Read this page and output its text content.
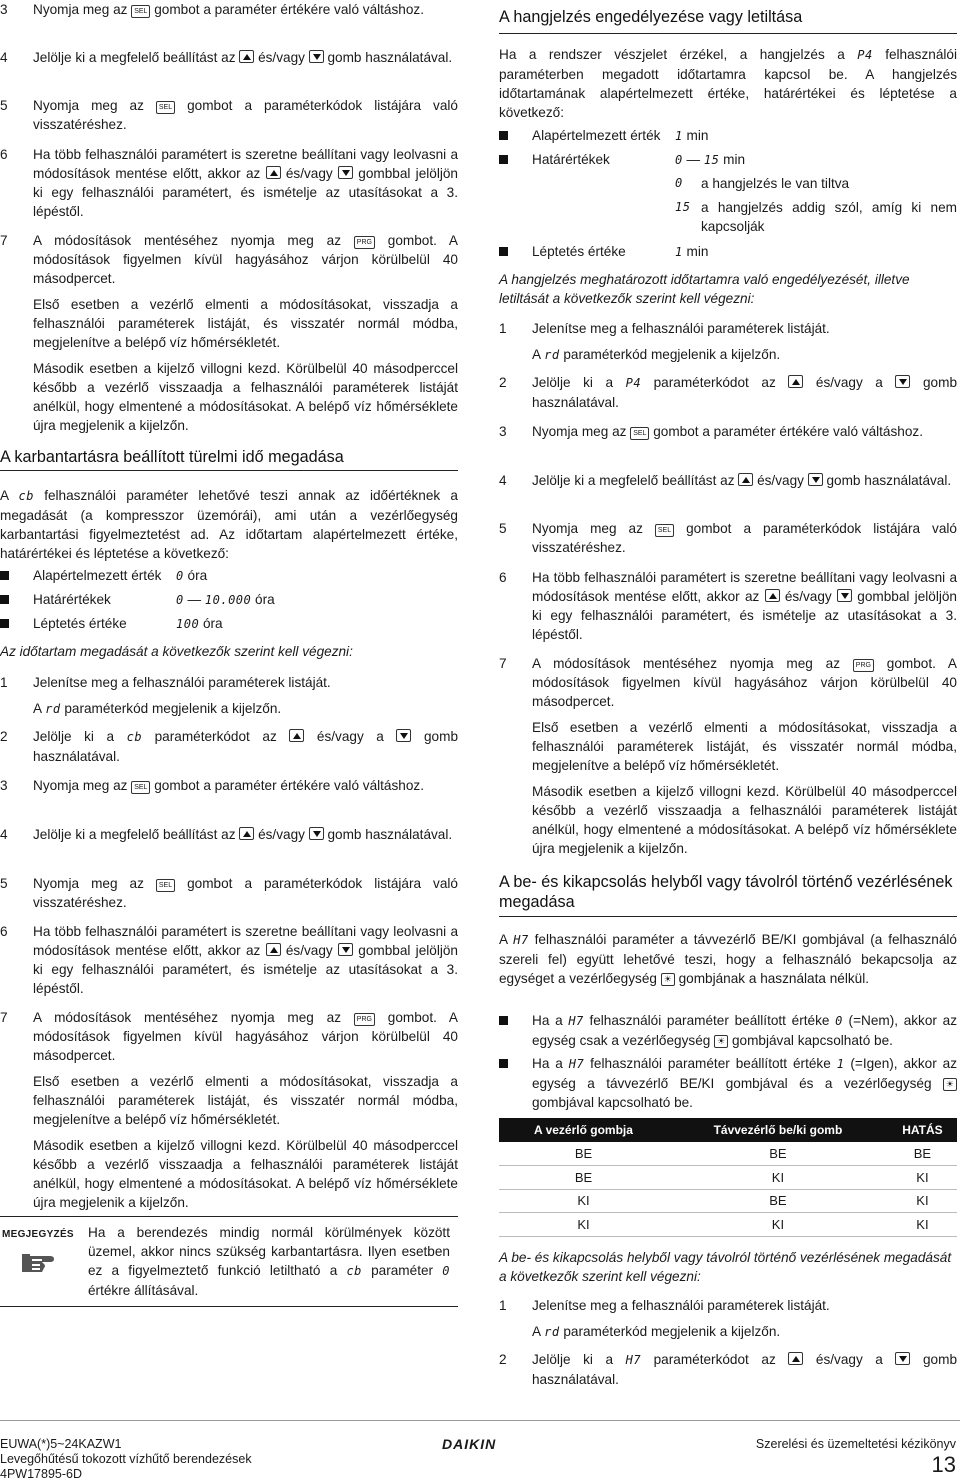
3 Nyomja meg az SEL gombot a paraméter értékére való váltáshoz.

4 Jelölje ki a megfelelő beállítást az  és/vagy  gomb használatával.

5 Nyomja meg az SEL gombot a paraméterkódok listájára való visszatéréshez.

6 Ha több felhasználói paramétert is szeretne beállítani vagy leolvasni a módosítások mentése előtt, akkor az  és/vagy  gombbal jelöljön ki egy felhasználói paramétert, és ismételje az utasításokat a 3. lépéstől.

7 A módosítások mentéséhez nyomja meg az PRG gombot. A módosítások figyelmen kívül hagyásához várjon körülbelül 40 másodpercet.

Első esetben a vezérlő elmenti a módosításokat, visszadja a felhasználói paraméterek listáját, és visszatér normál módba, megjelenítve a belépő víz hőmérsékletét.

Második esetben a kijelző villogni kezd. Körülbelül 40 másodperccel később a vezérlő visszaadja a felhasználói paraméterek listáját anélkül, hogy elmentené a módosításokat. A belépő víz hőmérséklete újra megjelenik a kijelzőn.

A karbantartásra beállított türelmi idő megadása
A cb felhasználói paraméter lehetővé teszi annak az időértéknek a megadását (a kompresszor üzemórái), ami után a vezérlőegység karbantartási figyelmeztetést ad. Az időtartam alapértelmezett értéke, határértékei és léptetése a következő:
Alapértelmezett érték 0 óra
Határértékek	0 — 10.000 óra
Léptetés értéke	100 óra
Az időtartam megadását a következők szerint kell végezni:
1 Jelenítse meg a felhasználói paraméterek listáját.

A rd paraméterkód megjelenik a kijelzőn.

2 Jelölje ki a cb paraméterkódot az  és/vagy a  gomb használatával.

3 Nyomja meg az SEL gombot a paraméter értékére való váltáshoz.

4 Jelölje ki a megfelelő beállítást az  és/vagy  gomb használatával.

5 Nyomja meg az SEL gombot a paraméterkódok listájára való visszatéréshez.

6 Ha több felhasználói paramétert is szeretne beállítani vagy leolvasni a módosítások mentése előtt, akkor az  és/vagy  gombbal jelöljön ki egy felhasználói paramétert, és ismételje az utasításokat a 3. lépéstől.

7 A módosítások mentéséhez nyomja meg az PRG gombot. A módosítások figyelmen kívül hagyásához várjon körülbelül 40 másodpercet.

Első esetben a vezérlő elmenti a módosításokat, visszadja a felhasználói paraméterek listáját, és visszatér normál módba, megjelenítve a belépő víz hőmérsékletét.

Második esetben a kijelző villogni kezd. Körülbelül 40 másodperccel később a vezérlő visszaadja a felhasználói paraméterek listáját anélkül, hogy elmentené a módosításokat. A belépő víz hőmérséklete újra megjelenik a kijelzőn.

MEGJEGYZÉS Ha a berendezés mindig normál körülmények között üzemel, akkor nincs szükség karbantartásra. Ilyen esetben ez a figyelmeztető funkció letiltható a cb paraméter 0 értékre állításával.
A hangjelzés engedélyezése vagy letiltása
Ha a rendszer vészjelet érzékel, a hangjelzés a P4 felhasználói paraméterben megadott időtartamra kapcsol be. A hangjelzés időtartamának alapértelmezett értéke, határértékei és léptetése a következő:
Alapértelmezett érték 1 min
Határértékek	0 — 15 min
Léptetés értéke	1 min
0 a hangjelzés le van tiltva
15 a hangjelzés addig szól, amíg ki nem kapcsolják
A hangjelzés meghatározott időtartamra való engedélyezését, illetve letiltását a következők szerint kell végezni:
1 Jelenítse meg a felhasználói paraméterek listáját.

A rd paraméterkód megjelenik a kijelzőn.

2 Jelölje ki a P4 paraméterkódot az  és/vagy a  gomb használatával.

3 Nyomja meg az SEL gombot a paraméter értékére való váltáshoz.

4 Jelölje ki a megfelelő beállítást az  és/vagy  gomb használatával.

5 Nyomja meg az SEL gombot a paraméterkódok listájára való visszatéréshez.

6 Ha több felhasználói paramétert is szeretne beállítani vagy leolvasni a módosítások mentése előtt, akkor az  és/vagy  gombbal jelöljön ki egy felhasználói paramétert, és ismételje az utasításokat a 3. lépéstől.

7 A módosítások mentéséhez nyomja meg az PRG gombot. A módosítások figyelmen kívül hagyásához várjon körülbelül 40 másodpercet.

Első esetben a vezérlő elmenti a módosításokat, visszadja a felhasználói paraméterek listáját, és visszatér normál módba, megjelenítve a belépő víz hőmérsékletét.

Második esetben a kijelző villogni kezd. Körülbelül 40 másodperccel később a vezérlő visszaadja a felhasználói paraméterek listáját anélkül, hogy elmentené a módosításokat. A belépő víz hőmérséklete újra megjelenik a kijelzőn.

A be- és kikapcsolás helyből vagy távolról történő vezérlésének megadása
A H7 felhasználói paraméter a távvezérlő BE/KI gombjával (a felhasználó szereli fel) együtt lehetővé teszi, hogy a felhasználó bekapcsolja az egységet a vezérlőegység ☀ gombjának a használata nélkül.
Ha a H7 felhasználói paraméter beállított értéke 0 (=Nem), akkor az egység csak a vezérlőegység ☀ gombjával kapcsolható be.
Ha a H7 felhasználói paraméter beállított értéke 1 (=Igen), akkor az egység a távvezérlő BE/KI gombjával és a vezérlőegység ☀ gombjával kapcsolható be.
A be- és kikapcsolás helyből vagy távolról történő vezérlésének megadását a következők szerint kell végezni:
1 Jelenítse meg a felhasználói paraméterek listáját.

A rd paraméterkód megjelenik a kijelzőn.

2 Jelölje ki a H7 paraméterkódot az  és/vagy a  gomb használatával.

A vezérlő gombja	Távvezérlő be/ki gomb	HATÁS
BE	BE	BE
BE	KI	KI
KI	BE	KI
KI	KI	KI
EUWA(*)5~24KAZW1
Levegőhűtésű tokozott vízhűtő berendezések
4PW17895-6D
DAIKIN	Szerelési és üzemeltetési kézikönyv
13
